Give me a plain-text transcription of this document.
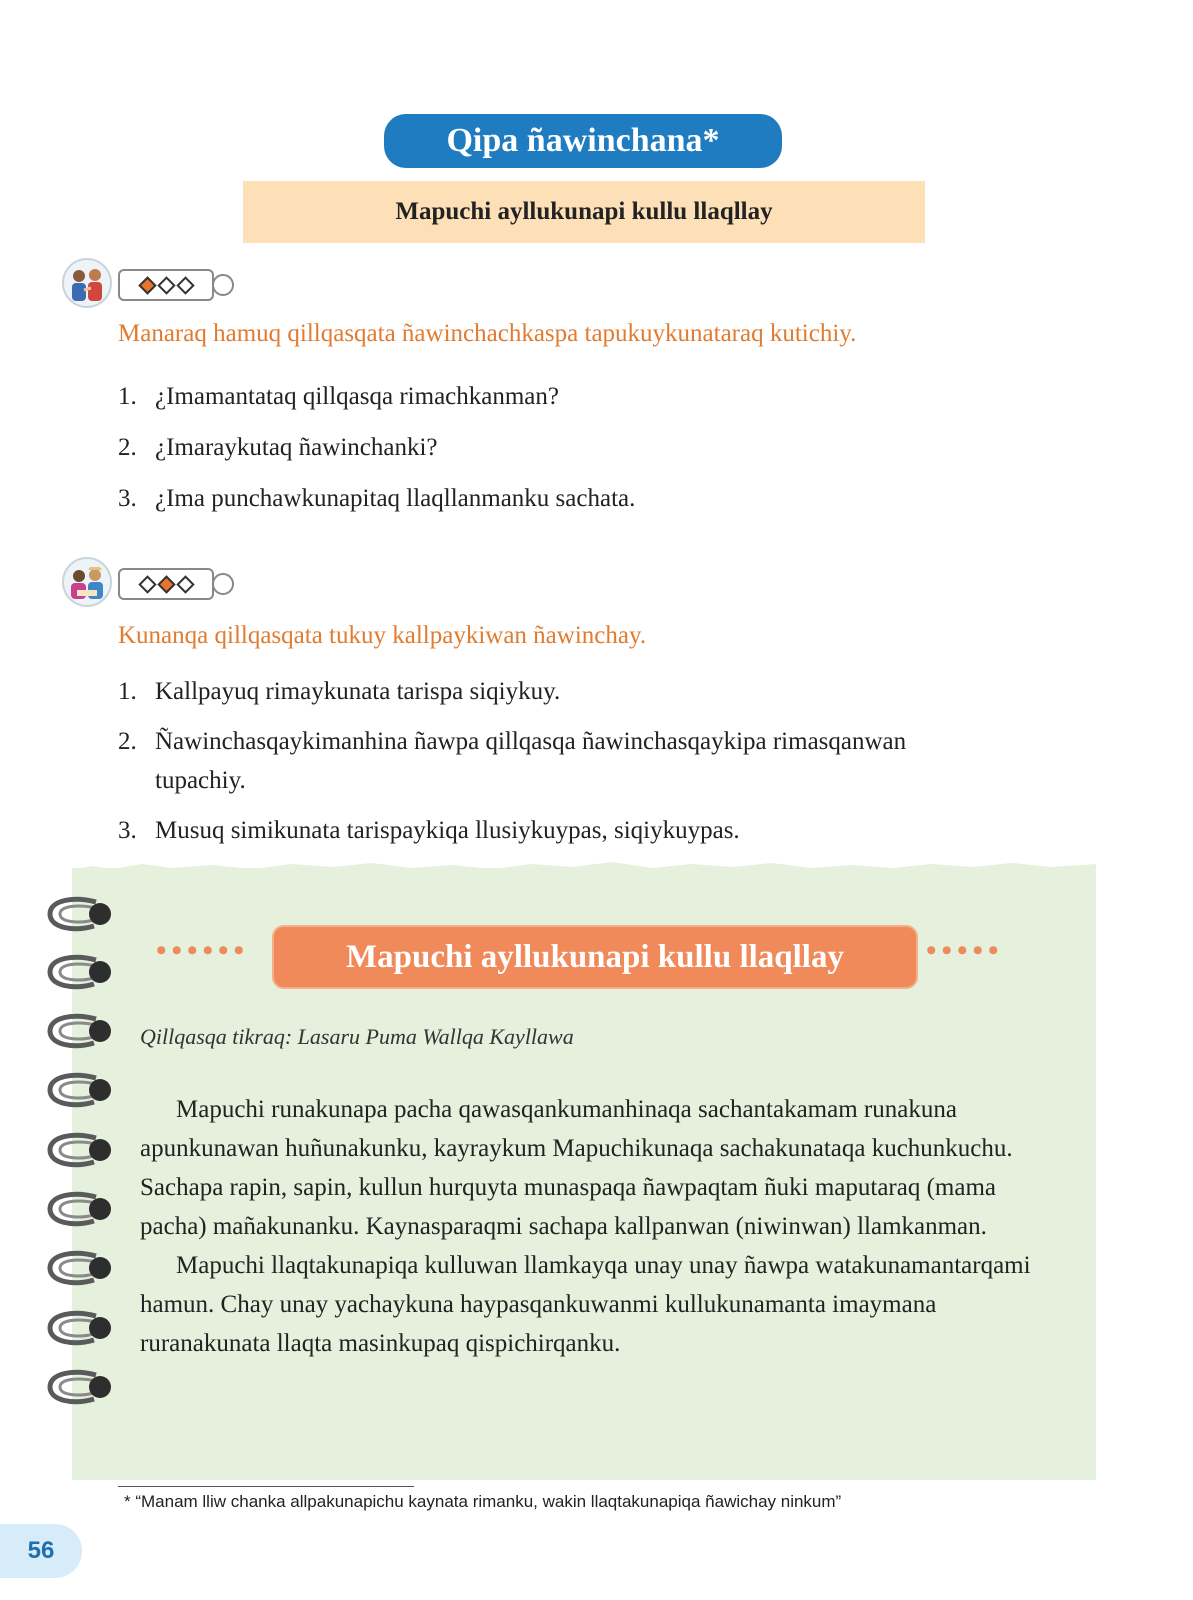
Qipa ñawinchana*
Mapuchi ayllukunapi kullu llaqllay
Manaraq hamuq qillqasqata ñawinchachkaspa tapukuykunataraq kutichiy.
1. ¿Imamantataq qillqasqa rimachkanman?
2. ¿Imaraykutaq ñawinchanki?
3. ¿Ima punchawkunapitaq llaqllanmanku sachata.
Kunanqa qillqasqata tukuy kallpaykiwan ñawinchay.
1. Kallpayuq rimaykunata tarispa siqiykuy.
2. Ñawinchasqaykimanhina ñawpa qillqasqa ñawinchasqaykipa rimasqanwan
tupachiy.
3. Musuq simikunata tarispaykiqa llusiykuypas, siqiykuypas.
••••••	Mapuchi ayllukunapi kullu llaqllay	•••••
Qillqasqa tikraq: Lasaru Puma Wallqa Kayllawa

Mapuchi runakunapa pacha qawasqankumanhinaqa sachantakamam runakuna apunkunawan huñunakunku, kayraykum Mapuchikunaqa sachakunataqa kuchunkuchu. Sachapa rapin, sapin, kullun hurquyta munaspaqa ñawpaqtam ñuki maputaraq (mama pacha) mañakunanku. Kaynasparaqmi sachapa kallpanwan (niwinwan) llamkanman.

Mapuchi llaqtakunapiqa kulluwan llamkayqa unay unay ñawpa watakunamantarqami hamun. Chay unay yachaykuna haypasqankuwanmi kullukunamanta imaymana ruranakunata llaqta masinkupaq qispichirqanku.

* “Manam lliw chanka allpakunapichu kaynata rimanku, wakin llaqtakunapiqa ñawichay ninkum”
56
